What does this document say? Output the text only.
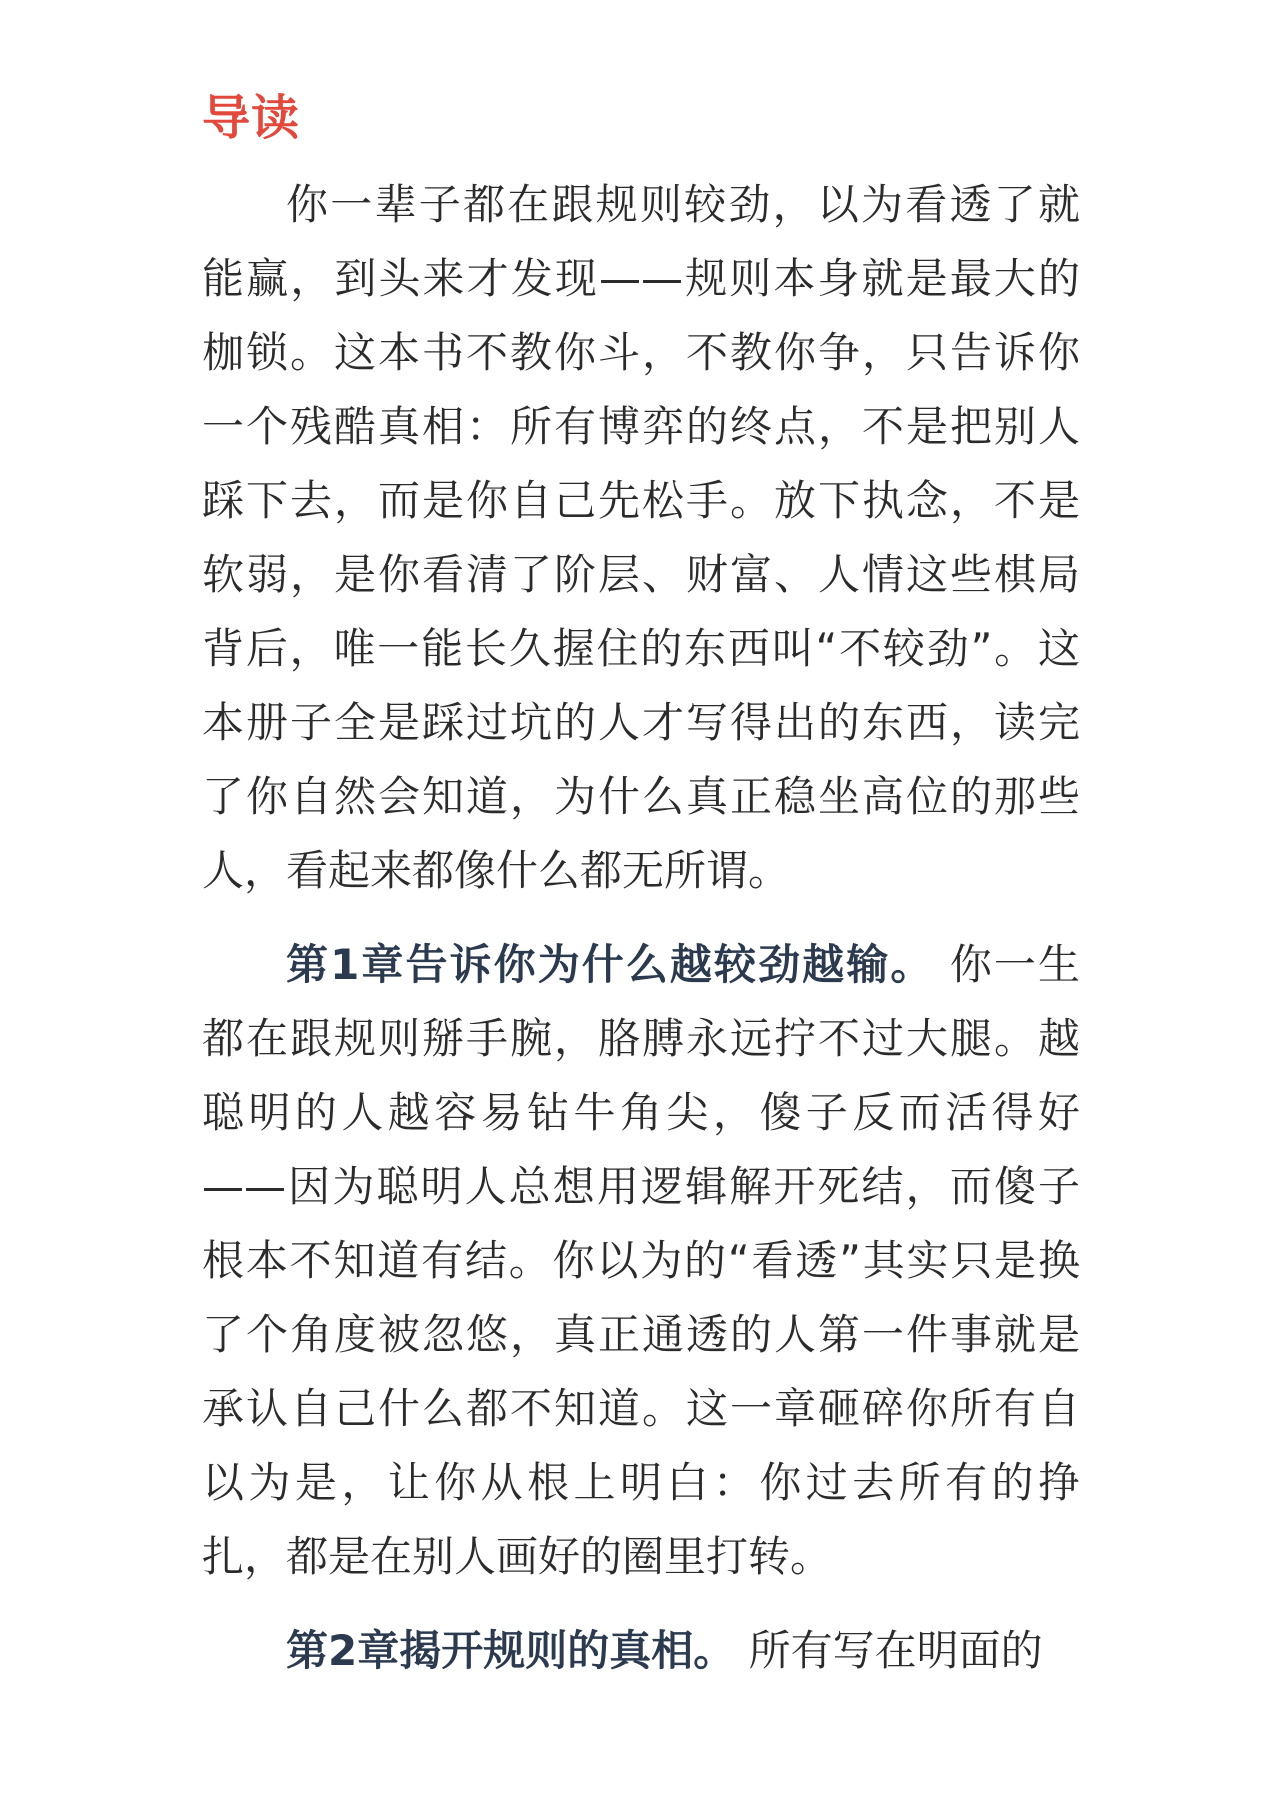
导读

你一辈子都在跟规则较劲，以为看透了就能赢，到头来才发现——规则本身就是最大的枷锁。这本书不教你斗，不教你争，只告诉你一个残酷真相：所有博弈的终点，不是把别人踩下去，而是你自己先松手。放下执念，不是软弱，是你看清了阶层、财富、人情这些棋局背后，唯一能长久握住的东西叫“不较劲”。这本册子全是踩过坑的人才写得出的东西，读完了你自然会知道，为什么真正稳坐高位的那些人，看起来都像什么都无所谓。

第1章告诉你为什么越较劲越输。 你一生都在跟规则掰手腕，胳膊永远拧不过大腿。越聪明的人越容易钻牛角尖，傻子反而活得好——因为聪明人总想用逻辑解开死结，而傻子根本不知道有结。你以为的“看透”其实只是换了个角度被忽悠，真正通透的人第一件事就是承认自己什么都不知道。这一章砸碎你所有自以为是，让你从根上明白：你过去所有的挣扎，都是在别人画好的圈里打转。

第2章揭开规则的真相。 所有写在明面的
